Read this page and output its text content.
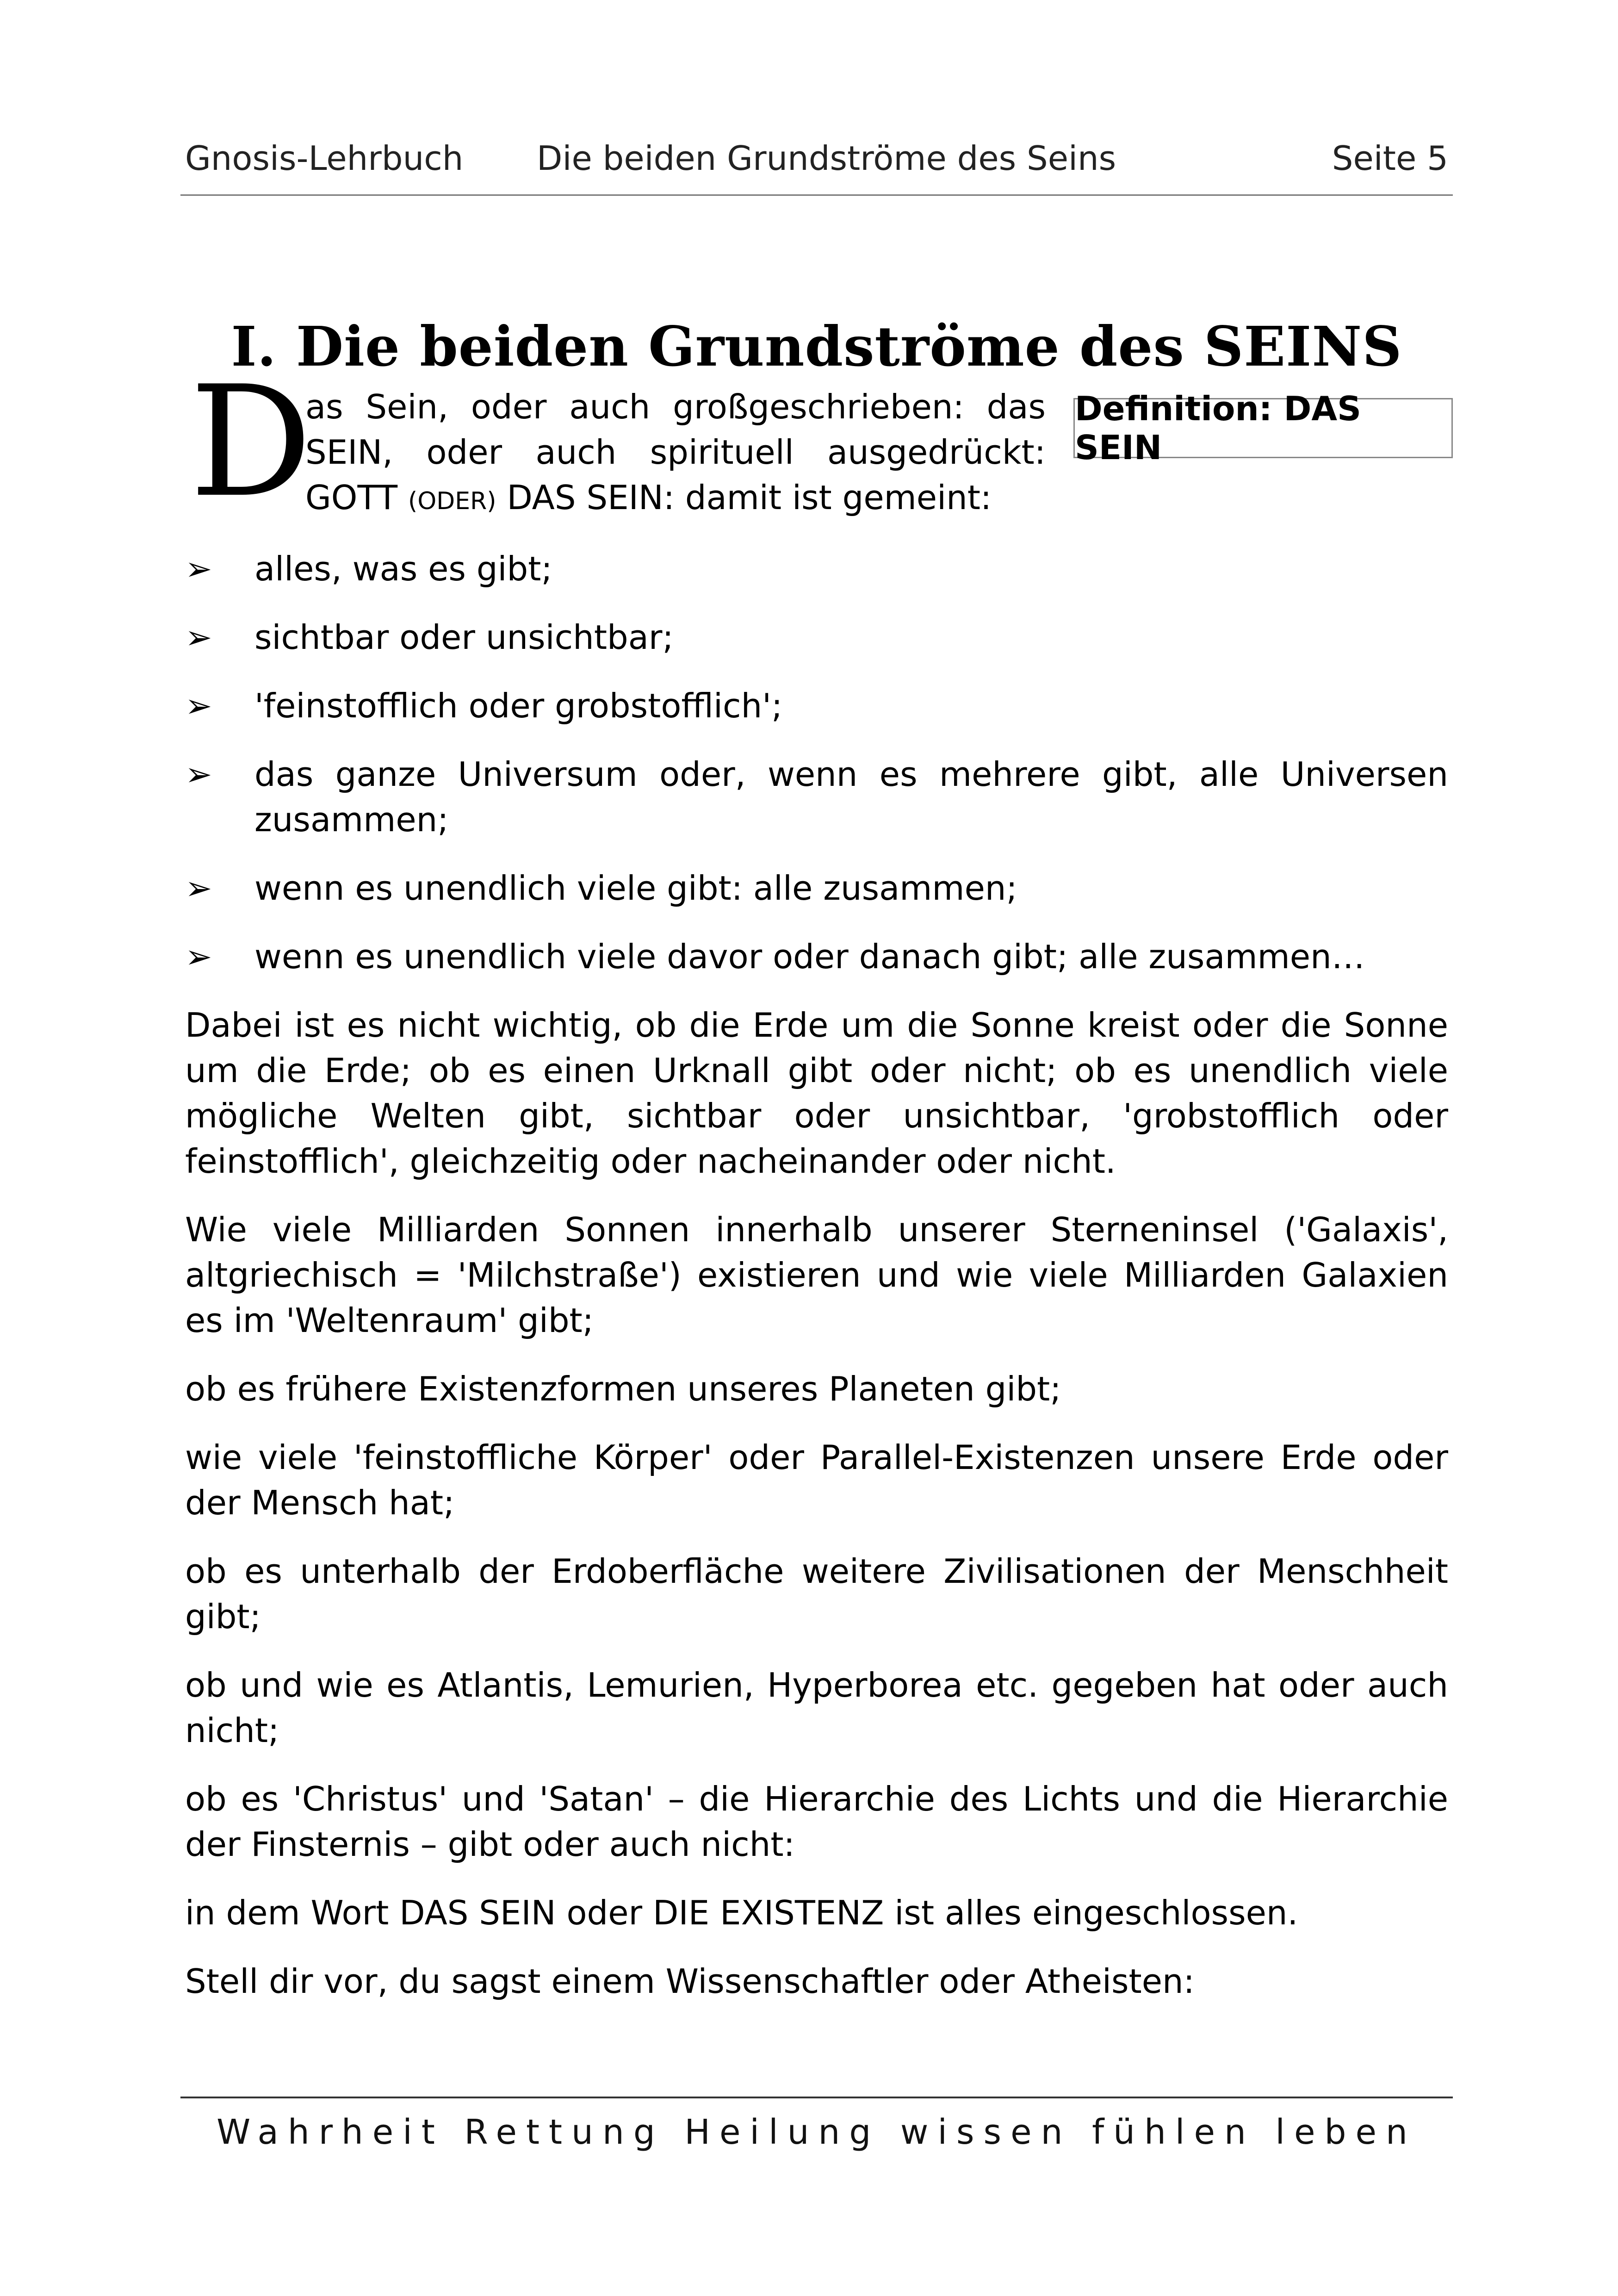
Gnosis-Lehrbuch Die beiden Grundströme des Seins	Seite 5
I. Die beiden Grundströme des SEINS
D
as Sein, oder auch großgeschrieben: das SEIN, oder auch spirituell ausgedrückt: GOTT (ODER) DAS SEIN: damit ist gemeint:
Definition: DAS SEIN
➢ alles, was es gibt;
➢ sichtbar oder unsichtbar;
➢ 'feinstofflich oder grobstofflich';
➢ das ganze Universum oder, wenn es mehrere gibt, alle Universen zusammen;
➢ wenn es unendlich viele gibt: alle zusammen;
➢ wenn es unendlich viele davor oder danach gibt; alle zusammen…

Dabei ist es nicht wichtig, ob die Erde um die Sonne kreist oder die Sonne um die Erde; ob es einen Urknall gibt oder nicht; ob es unendlich viele mögliche Welten gibt, sichtbar oder unsichtbar, 'grobstofflich oder feinstofflich', gleichzeitig oder nacheinander oder nicht.

Wie viele Milliarden Sonnen innerhalb unserer Sterneninsel ('Galaxis', altgriechisch = 'Milchstraße') existieren und wie viele Milliarden Galaxien es im 'Weltenraum' gibt;

ob es frühere Existenzformen unseres Planeten gibt;

wie viele 'feinstoffliche Körper' oder Parallel-Existenzen unsere Erde oder der Mensch hat;

ob es unterhalb der Erdoberfläche weitere Zivilisationen der Menschheit gibt;

ob und wie es Atlantis, Lemurien, Hyperborea etc. gegeben hat oder auch nicht;

ob es 'Christus' und 'Satan' – die Hierarchie des Lichts und die Hierarchie der Finsternis – gibt oder auch nicht:

in dem Wort DAS SEIN oder DIE EXISTENZ ist alles eingeschlossen.

Stell dir vor, du sagst einem Wissenschaftler oder Atheisten:

Wahrheit Rettung Heilung wissen fühlen leben
